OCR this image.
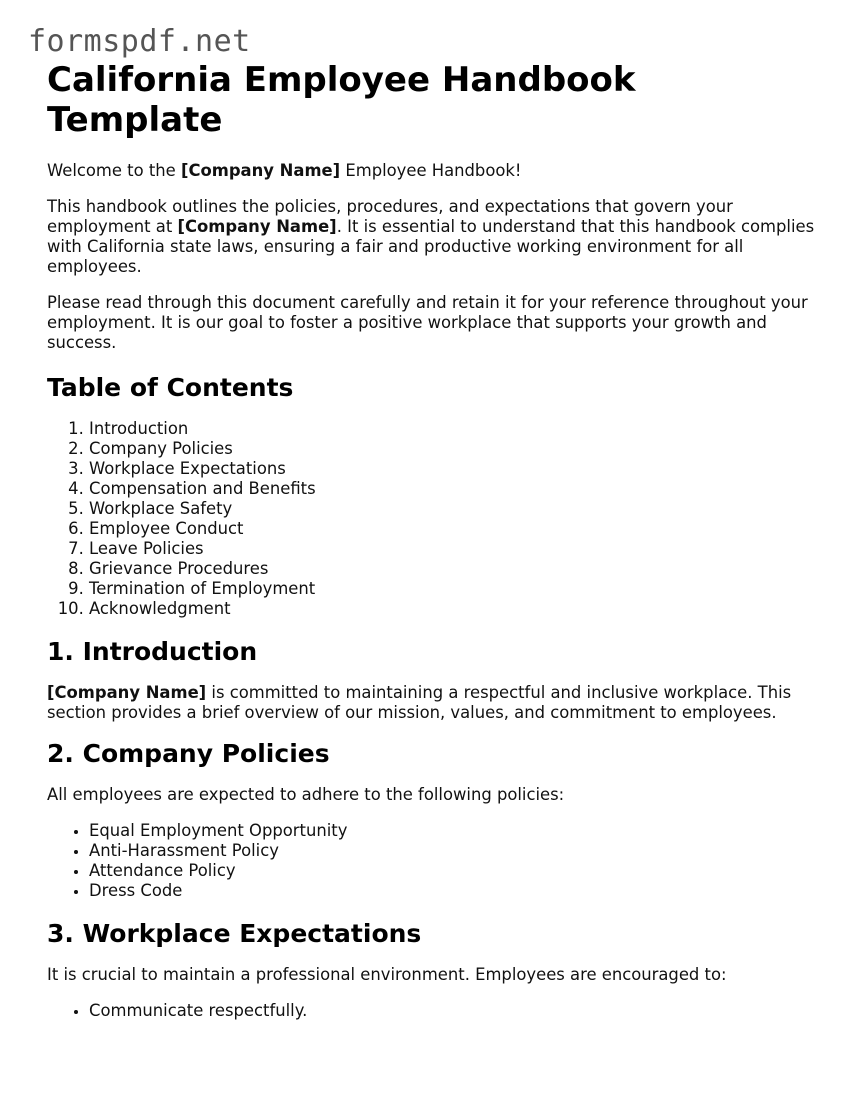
formspdf.net
California Employee Handbook Template

Welcome to the [Company Name] Employee Handbook!

This handbook outlines the policies, procedures, and expectations that govern your employment at [Company Name]. It is essential to understand that this handbook complies with California state laws, ensuring a fair and productive working environment for all employees.

Please read through this document carefully and retain it for your reference throughout your employment. It is our goal to foster a positive workplace that supports your growth and success.

Table of Contents
1. Introduction
2. Company Policies
3. Workplace Expectations
4. Compensation and Benefits
5. Workplace Safety
6. Employee Conduct
7. Leave Policies
8. Grievance Procedures
9. Termination of Employment
10. Acknowledgment
1. Introduction

[Company Name] is committed to maintaining a respectful and inclusive workplace. This section provides a brief overview of our mission, values, and commitment to employees.

2. Company Policies

All employees are expected to adhere to the following policies:

• Equal Employment Opportunity
• Anti-Harassment Policy
• Attendance Policy
• Dress Code
3. Workplace Expectations

It is crucial to maintain a professional environment. Employees are encouraged to:

• Communicate respectfully.
